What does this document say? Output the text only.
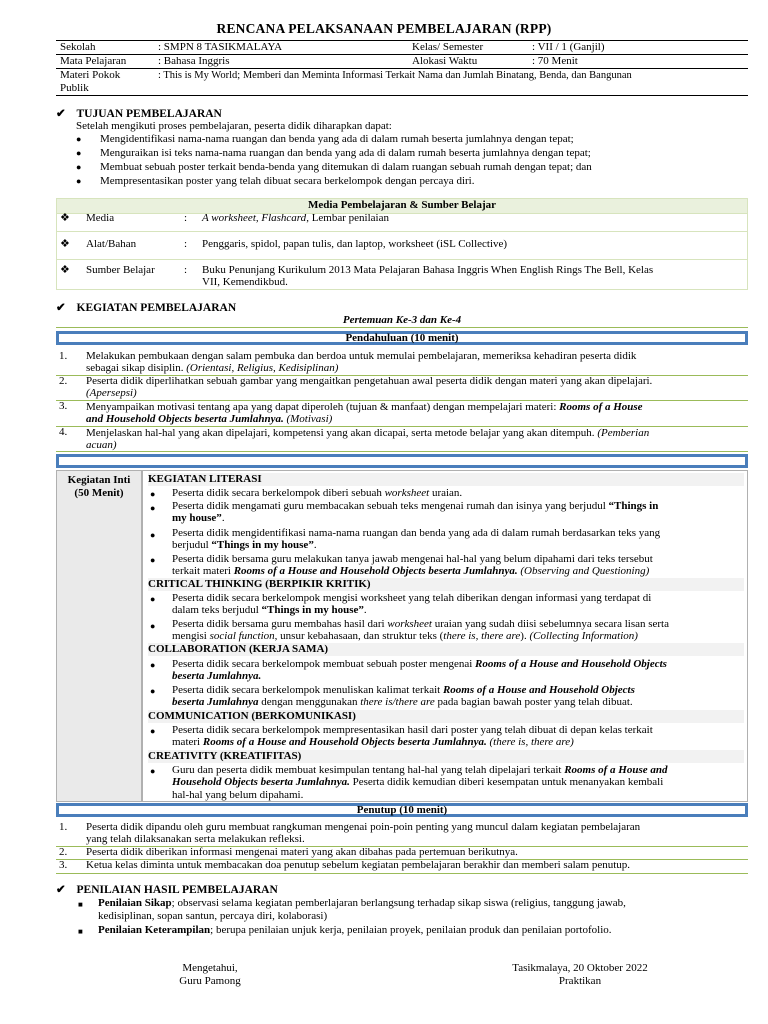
RENCANA PELAKSANAAN PEMBELAJARAN (RPP)
Sekolah	: SMPN 8 TASIKMALAYA	Kelas/ Semester	: VII / 1 (Ganjil)
Mata Pelajaran	: Bahasa Inggris	Alokasi Waktu	: 70 Menit
Materi Pokok
Publik
: This is My World; Memberi dan Meminta Informasi Terkait Nama dan Jumlah Binatang, Benda, dan Bangunan
✔ TUJUAN PEMBELAJARAN
Setelah mengikuti proses pembelajaran, peserta didik diharapkan dapat:
● Mengidentifikasi nama-nama ruangan dan benda yang ada di dalam rumah beserta jumlahnya dengan tepat;
● Menguraikan isi teks nama-nama ruangan dan benda yang ada di dalam rumah beserta jumlahnya dengan tepat;
● Membuat sebuah poster terkait benda-benda yang ditemukan di dalam ruangan sebuah rumah dengan tepat; dan
● Mempresentasikan poster yang telah dibuat secara berkelompok dengan percaya diri.
Media Pembelajaran & Sumber Belajar
❖ Media	: A worksheet, Flashcard, Lembar penilaian
❖ Alat/Bahan	: Penggaris, spidol, papan tulis, dan laptop, worksheet (iSL Collective)
❖ Sumber Belajar	: Buku Penunjang Kurikulum 2013 Mata Pelajaran Bahasa Inggris When English Rings The Bell, Kelas
VII, Kemendikbud.
✔ KEGIATAN PEMBELAJARAN
Pertemuan Ke-3 dan Ke-4
Pendahuluan (10 menit)
1. Melakukan pembukaan dengan salam pembuka dan berdoa untuk memulai pembelajaran, memeriksa kehadiran peserta didik
sebagai sikap disiplin. (Orientasi, Religius, Kedisiplinan)
2. Peserta didik diperlihatkan sebuah gambar yang mengaitkan pengetahuan awal peserta didik dengan materi yang akan dipelajari.
(Apersepsi)
3. Menyampaikan motivasi tentang apa yang dapat diperoleh (tujuan & manfaat) dengan mempelajari materi: Rooms of a House
and Household Objects beserta Jumlahnya. (Motivasi)
4. Menjelaskan hal-hal yang akan dipelajari, kompetensi yang akan dicapai, serta metode belajar yang akan ditempuh. (Pemberian
acuan)
Kegiatan Inti
(50 Menit)
KEGIATAN LITERASI
● Peserta didik secara berkelompok diberi sebuah worksheet uraian.
● Peserta didik mengamati guru membacakan sebuah teks mengenai rumah dan isinya yang berjudul “Things in
my house”.
● Peserta didik mengidentifikasi nama-nama ruangan dan benda yang ada di dalam rumah berdasarkan teks yang
berjudul “Things in my house”.
● Peserta didik bersama guru melakukan tanya jawab mengenai hal-hal yang belum dipahami dari teks tersebut
terkait materi Rooms of a House and Household Objects beserta Jumlahnya. (Observing and Questioning)
CRITICAL THINKING (BERPIKIR KRITIK)
● Peserta didik secara berkelompok mengisi worksheet yang telah diberikan dengan informasi yang terdapat di
dalam teks berjudul “Things in my house”.
● Peserta didik bersama guru membahas hasil dari worksheet uraian yang sudah diisi sebelumnya secara lisan serta
mengisi social function, unsur kebahasaan, dan struktur teks (there is, there are). (Collecting Information)
COLLABORATION (KERJA SAMA)
● Peserta didik secara berkelompok membuat sebuah poster mengenai Rooms of a House and Household Objects
beserta Jumlahnya.
● Peserta didik secara berkelompok menuliskan kalimat terkait Rooms of a House and Household Objects
beserta Jumlahnya dengan menggunakan there is/there are pada bagian bawah poster yang telah dibuat.
COMMUNICATION (BERKOMUNIKASI)
● Peserta didik secara berkelompok mempresentasikan hasil dari poster yang telah dibuat di depan kelas terkait
materi Rooms of a House and Household Objects beserta Jumlahnya. (there is, there are)
CREATIVITY (KREATIFITAS)
● Guru dan peserta didik membuat kesimpulan tentang hal-hal yang telah dipelajari terkait Rooms of a House and
Household Objects beserta Jumlahnya. Peserta didik kemudian diberi kesempatan untuk menanyakan kembali
hal-hal yang belum dipahami.
Penutup (10 menit)
1. Peserta didik dipandu oleh guru membuat rangkuman mengenai poin-poin penting yang muncul dalam kegiatan pembelajaran
yang telah dilaksanakan serta melakukan refleksi.
2. Peserta didik diberikan informasi mengenai materi yang akan dibahas pada pertemuan berikutnya.
3. Ketua kelas diminta untuk membacakan doa penutup sebelum kegiatan pembelajaran berakhir dan memberi salam penutup.
✔ PENILAIAN HASIL PEMBELAJARAN
■ Penilaian Sikap; observasi selama kegiatan pemberlajaran berlangsung terhadap sikap siswa (religius, tanggung jawab,
kedisiplinan, sopan santun, percaya diri, kolaborasi)
■ Penilaian Keterampilan; berupa penilaian unjuk kerja, penilaian proyek, penilaian produk dan penilaian portofolio.
Mengetahui,
Guru Pamong
Tasikmalaya, 20 Oktober 2022
Praktikan
